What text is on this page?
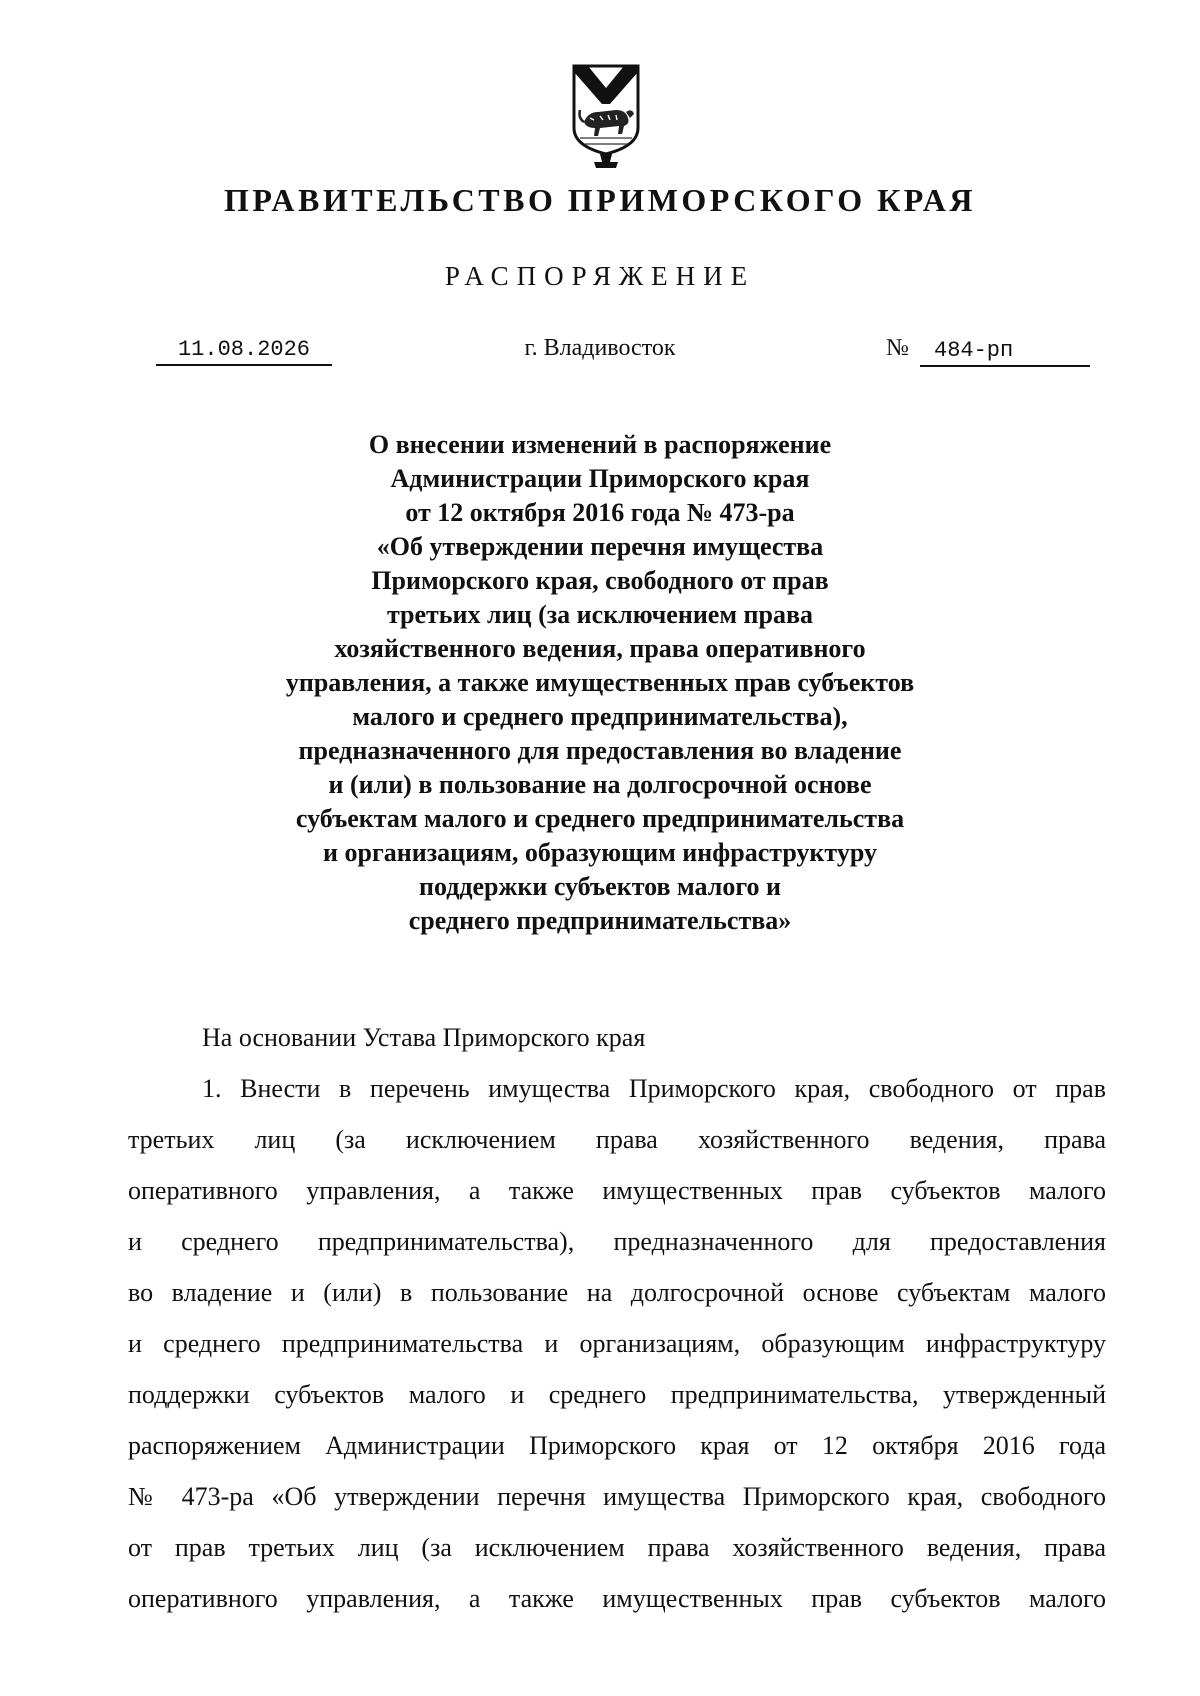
ПРАВИТЕЛЬСТВО ПРИМОРСКОГО КРАЯ
РАСПОРЯЖЕНИЕ
11.08.2026	г. Владивосток	№	484-рп
О внесении изменений в распоряжение
Администрации Приморского края
от 12 октября 2016 года № 473-ра
«Об утверждении перечня имущества
Приморского края, свободного от прав
третьих лиц (за исключением права
хозяйственного ведения, права оперативного
управления, а также имущественных прав субъектов
малого и среднего предпринимательства),
предназначенного для предоставления во владение
и (или) в пользование на долгосрочной основе
субъектам малого и среднего предпринимательства
и организациям, образующим инфраструктуру
поддержки субъектов малого и
среднего предпринимательства»
На основании Устава Приморского края
1. Внести в перечень имущества Приморского края, свободного от прав
третьих лиц (за исключением права хозяйственного ведения, права
оперативного управления, а также имущественных прав субъектов малого
и среднего предпринимательства), предназначенного для предоставления
во владение и (или) в пользование на долгосрочной основе субъектам малого
и среднего предпринимательства и организациям, образующим инфраструктуру
поддержки субъектов малого и среднего предпринимательства, утвержденный
распоряжением Администрации Приморского края от 12 октября 2016 года
№ 473-ра «Об утверждении перечня имущества Приморского края, свободного
от прав третьих лиц (за исключением права хозяйственного ведения, права
оперативного управления, а также имущественных прав субъектов малого
